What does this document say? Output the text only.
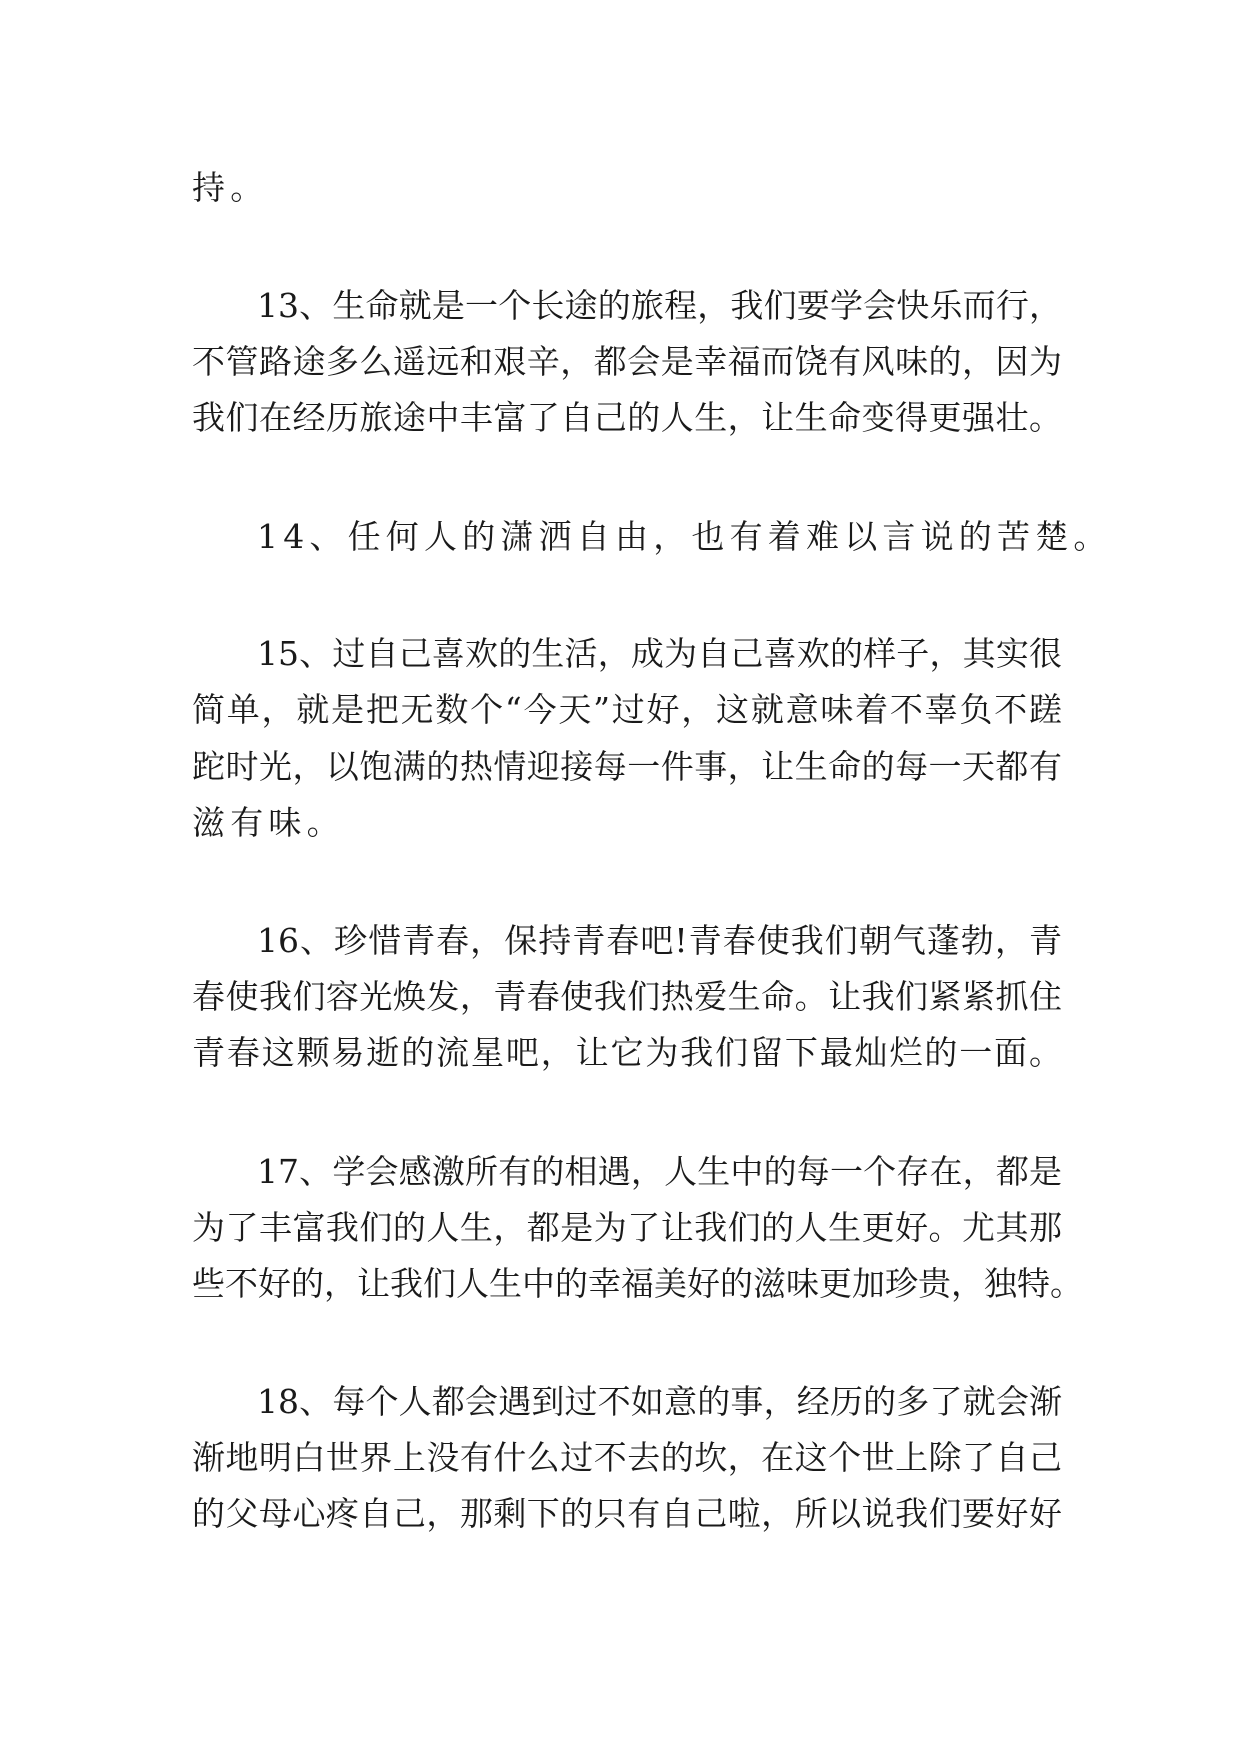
持。
13、生命就是一个长途的旅程，我们要学会快乐而行，
不管路途多么遥远和艰辛，都会是幸福而饶有风味的，因为
我们在经历旅途中丰富了自己的人生，让生命变得更强壮。
14、任何人的潇洒自由，也有着难以言说的苦楚。
15、过自己喜欢的生活，成为自己喜欢的样子，其实很
简单，就是把无数个“今天”过好，这就意味着不辜负不蹉
跎时光，以饱满的热情迎接每一件事，让生命的每一天都有
滋有味。
16、珍惜青春，保持青春吧!青春使我们朝气蓬勃，青
春使我们容光焕发，青春使我们热爱生命。让我们紧紧抓住
青春这颗易逝的流星吧，让它为我们留下最灿烂的一面。
17、学会感激所有的相遇，人生中的每一个存在，都是
为了丰富我们的人生，都是为了让我们的人生更好。尤其那
些不好的，让我们人生中的幸福美好的滋味更加珍贵，独特。
18、每个人都会遇到过不如意的事，经历的多了就会渐
渐地明白世界上没有什么过不去的坎，在这个世上除了自己
的父母心疼自己，那剩下的只有自己啦，所以说我们要好好
